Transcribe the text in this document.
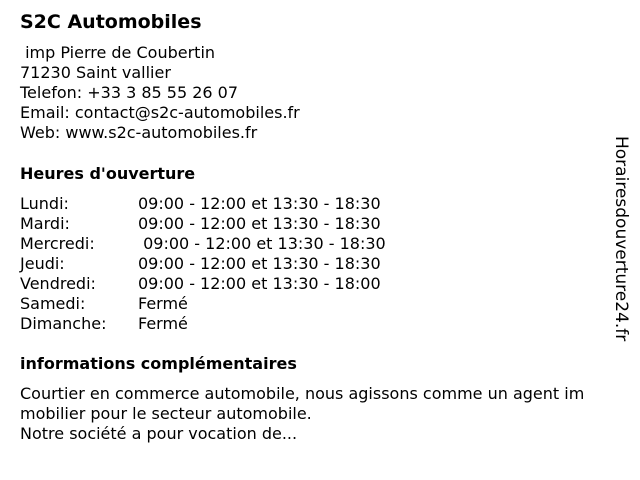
S2C Automobiles
imp Pierre de Coubertin
71230 Saint vallier
Telefon: +33 3 85 55 26 07
Email: contact@s2c-automobiles.fr
Web: www.s2c-automobiles.fr
Heures d'ouverture
Lundi:	09:00 - 12:00 et 13:30 - 18:30
Mardi:	09:00 - 12:00 et 13:30 - 18:30
Mercredi:	09:00 - 12:00 et 13:30 - 18:30
Jeudi:	09:00 - 12:00 et 13:30 - 18:30
Vendredi:	09:00 - 12:00 et 13:30 - 18:00
Samedi:	Fermé
Dimanche:	Fermé
informations complémentaires
Courtier en commerce automobile, nous agissons comme un agent im
mobilier pour le secteur automobile.
Notre société a pour vocation de...
Horairesdouverture24.fr
